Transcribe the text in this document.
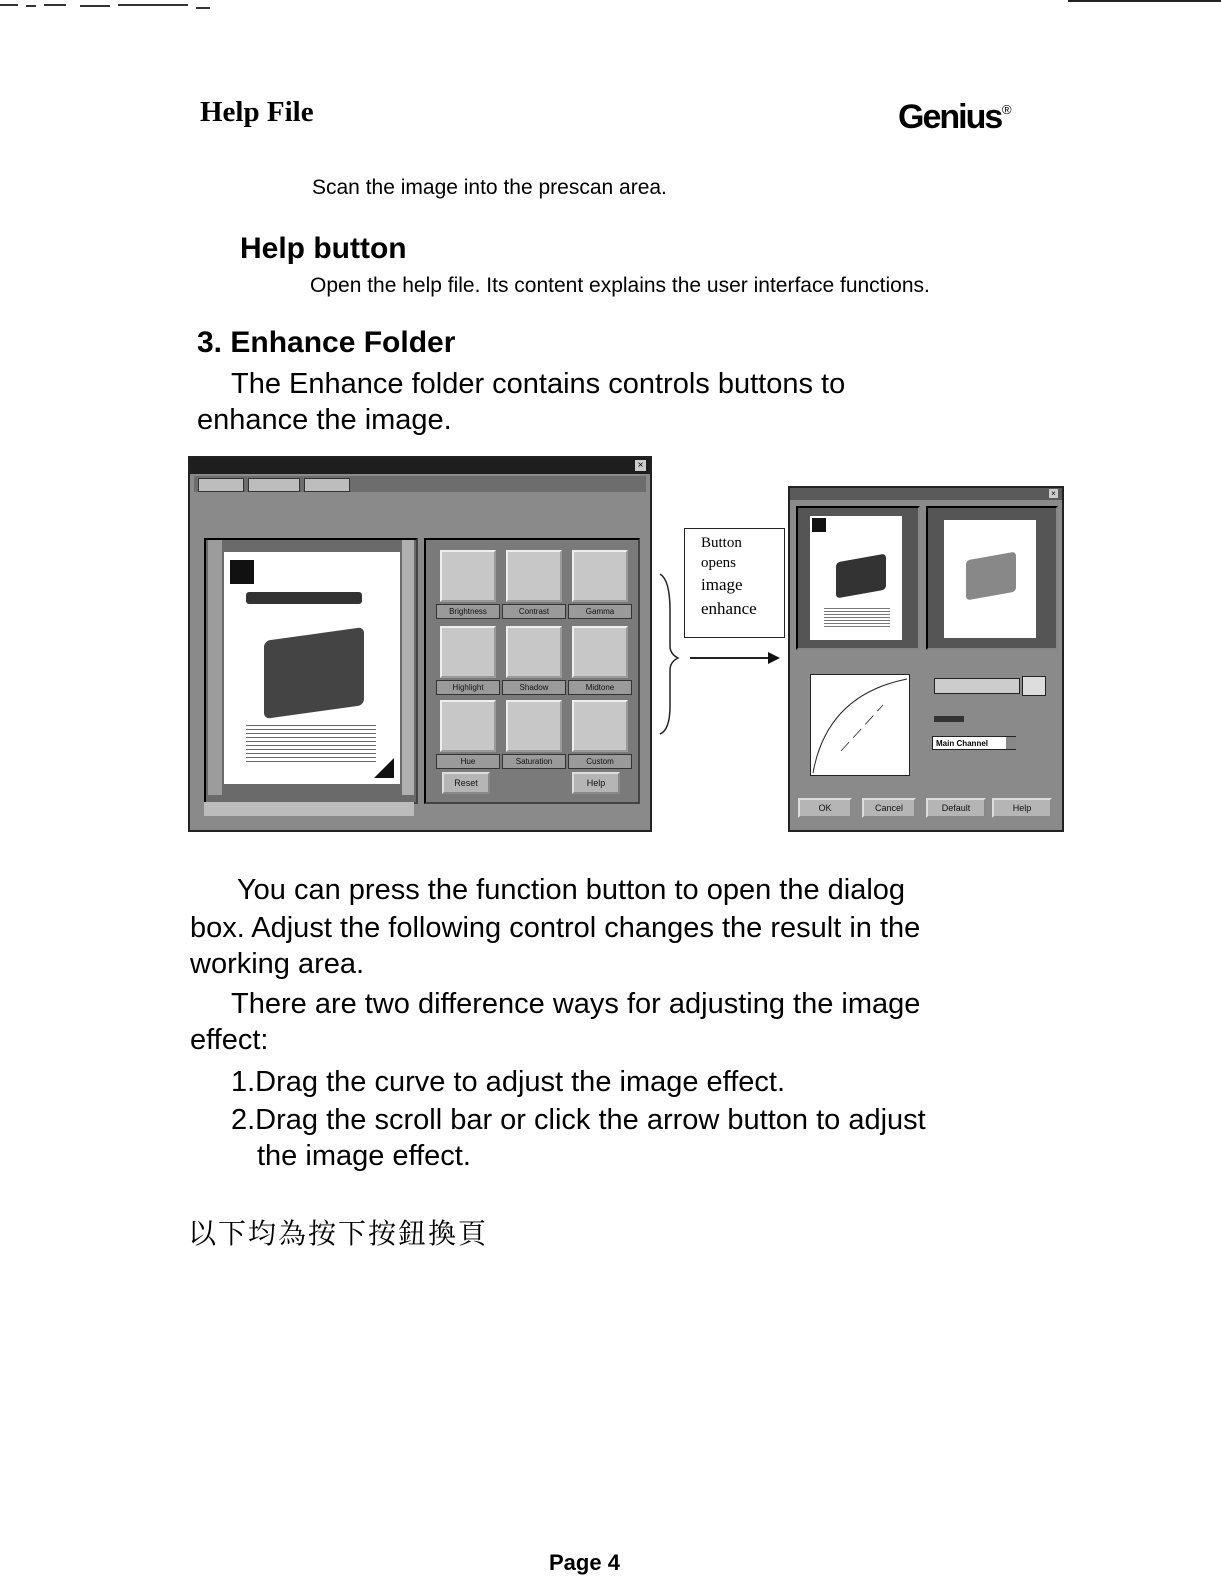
Help File	Genius ®
Scan the image into the prescan area.
Help button
Open the help file. Its content explains the user interface functions.
3. Enhance Folder
The Enhance folder contains controls buttons to
enhance the image.
×
Brightness	Contrast	Gamma
Highlight	Shadow	Midtone
Hue	Saturation	Custom
Reset	Help
Button
opens
image
enhance
×
Main Channel
OK	Cancel	Default	Help
You can press the function button to open the dialog
box. Adjust the following control changes the result in the
working area.
There are two difference ways for adjusting the image
effect:
1.Drag the curve to adjust the image effect.
2.Drag the scroll bar or click the arrow button to adjust
the image effect.
以下均為按下按鈕換頁
Page 4
